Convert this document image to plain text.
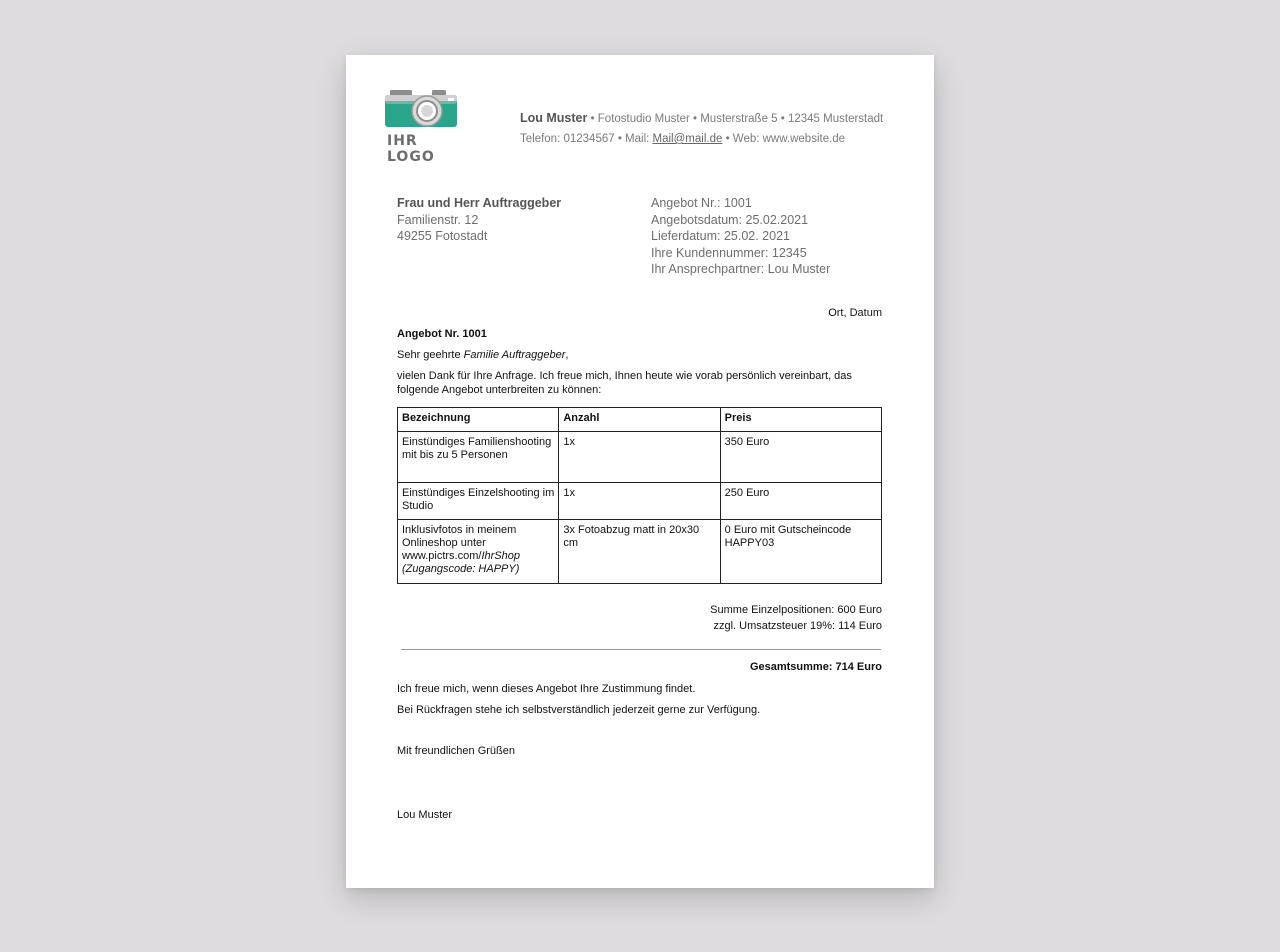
IHR LOGO
Lou Muster • Fotostudio Muster • Musterstraße 5 • 12345 Musterstadt
Telefon: 01234567 • Mail: Mail@mail.de • Web: www.website.de
Frau und Herr Auftraggeber
Familienstr. 12
49255 Fotostadt
Angebot Nr.: 1001
Angebotsdatum: 25.02.2021
Lieferdatum: 25.02. 2021
Ihre Kundennummer: 12345
Ihr Ansprechpartner: Lou Muster
Ort, Datum
Angebot Nr. 1001
Sehr geehrte Familie Auftraggeber,
vielen Dank für Ihre Anfrage. Ich freue mich, Ihnen heute wie vorab persönlich vereinbart, das folgende Angebot unterbreiten zu können:
Bezeichnung	Anzahl	Preis
Einstündiges Familienshooting mit bis zu 5 Personen	1x	350 Euro
Einstündiges Einzelshooting im Studio	1x	250 Euro
Inklusivfotos in meinem Onlineshop unter www.pictrs.com/IhrShop
(Zugangscode: HAPPY)	3x Fotoabzug matt in 20x30 cm	0 Euro mit Gutscheincode HAPPY03
Summe Einzelpositionen: 600 Euro
zzgl. Umsatzsteuer 19%: 114 Euro
Gesamtsumme: 714 Euro
Ich freue mich, wenn dieses Angebot Ihre Zustimmung findet.
Bei Rückfragen stehe ich selbstverständlich jederzeit gerne zur Verfügung.
Mit freundlichen Grüßen
Lou Muster
